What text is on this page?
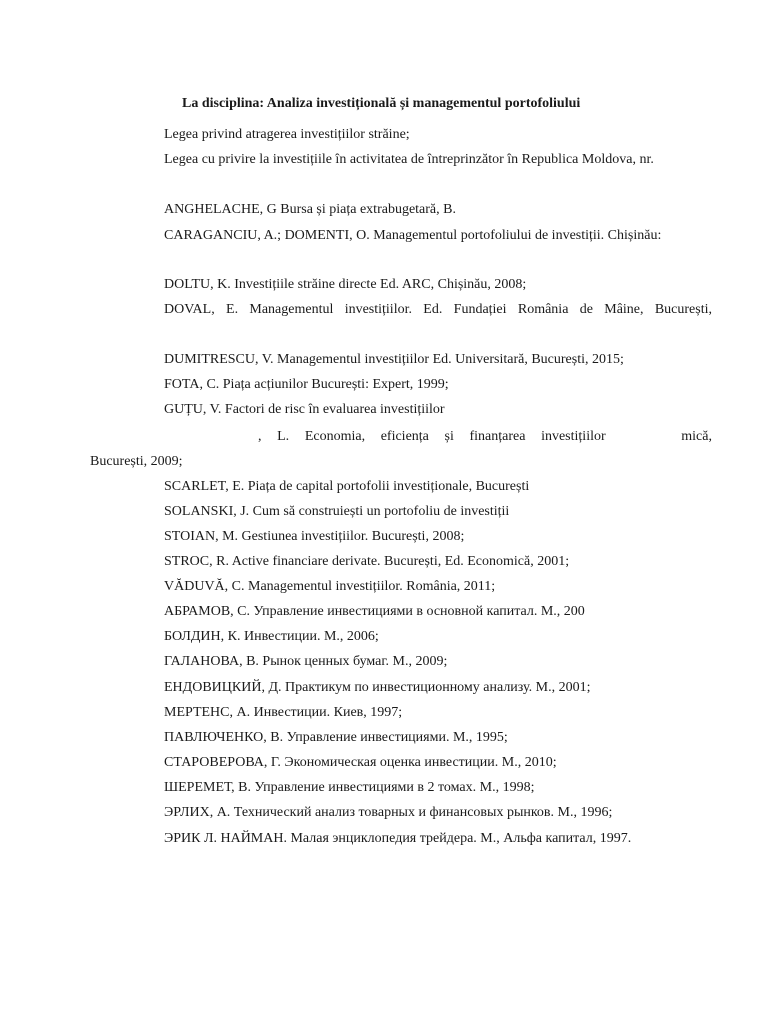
La disciplina: Analiza investițională și managementul portofoliului
Legea privind atragerea investițiilor străine;
Legea cu privire la investițiile în activitatea de întreprinzător în Republica Moldova, nr.
ANGHELACHE, G Bursa și piața extrabugetară, B.
CARAGANCIU, A.; DOMENTI, O. Managementul portofoliului de investiții. Chișinău:
DOLTU, K. Investițiile străine directe Ed. ARC, Chișinău, 2008;
DOVAL, E. Managementul investițiilor. Ed. Fundației România de Mâine, București,
DUMITRESCU, V. Managementul investițiilor Ed. Universitară, București, 2015;
FOTA, C. Piața acțiunilor București: Expert, 1999;
GUȚU, V. Factori de risc în evaluarea investițiilor
, L. Economia, eficiența și finanțarea investițiilor	mică,
București, 2009;
SCARLET, E. Piața de capital portofolii investiționale, București
SOLANSKI, J. Cum să construiești un portofoliu de investiții
STOIAN, M. Gestiunea investițiilor. București, 2008;
STROC, R. Active financiare derivate. București, Ed. Economică, 2001;
VĂDUVĂ, C. Managementul investițiilor. România, 2011;
АБРАМОВ, С. Управление инвестициями в основной капитал. М., 200
БОЛДИН, К. Инвестиции. М., 2006;
ГАЛАНОВА, В. Рынок ценных бумаг. М., 2009;
ЕНДОВИЦКИЙ, Д. Практикум по инвестиционному анализу. М., 2001;
МЕРТЕНС, А. Инвестиции. Киев, 1997;
ПАВЛЮЧЕНКО, В. Управление инвестициями. М., 1995;
СТАРОВЕРОВА, Г. Экономическая оценка инвестиции. М., 2010;
ШЕРЕМЕТ, В. Управление инвестициями в 2 томах. М., 1998;
ЭРЛИХ, А. Технический анализ товарных и финансовых рынков. М., 1996;
ЭРИК Л. НАЙМАН. Малая энциклопедия трейдера. М., Альфа капитал, 1997.
